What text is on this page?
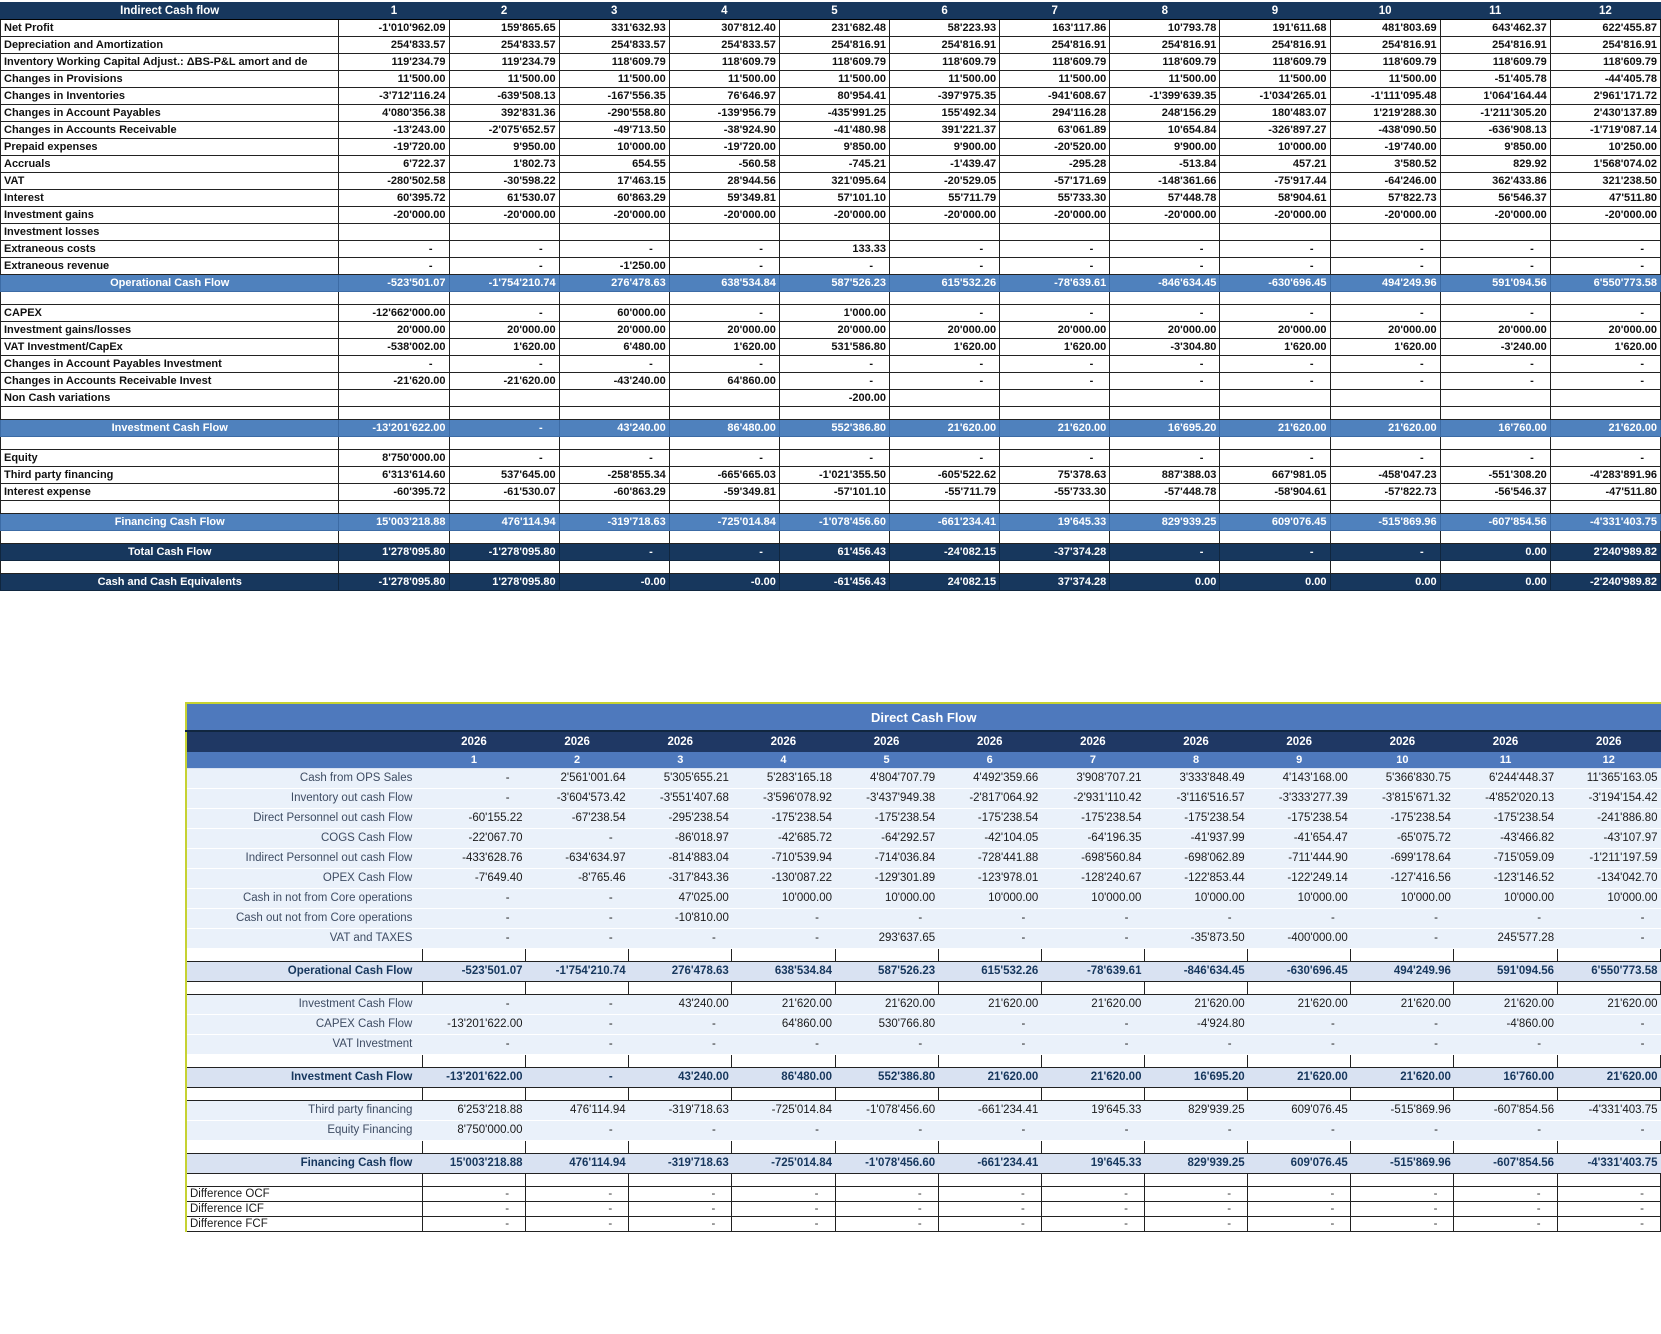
Indirect Cash flow	1	2	3	4	5	6	7	8	9	10	11	12
Net Profit	-1'010'962.09	159'865.65	331'632.93	307'812.40	231'682.48	58'223.93	163'117.86	10'793.78	191'611.68	481'803.69	643'462.37	622'455.87
Depreciation and Amortization	254'833.57	254'833.57	254'833.57	254'833.57	254'816.91	254'816.91	254'816.91	254'816.91	254'816.91	254'816.91	254'816.91	254'816.91
Inventory Working Capital Adjust.: ΔBS-P&L amort and de	119'234.79	119'234.79	118'609.79	118'609.79	118'609.79	118'609.79	118'609.79	118'609.79	118'609.79	118'609.79	118'609.79	118'609.79
Changes in Provisions	11'500.00	11'500.00	11'500.00	11'500.00	11'500.00	11'500.00	11'500.00	11'500.00	11'500.00	11'500.00	-51'405.78	-44'405.78
Changes in Inventories	-3'712'116.24	-639'508.13	-167'556.35	76'646.97	80'954.41	-397'975.35	-941'608.67	-1'399'639.35	-1'034'265.01	-1'111'095.48	1'064'164.44	2'961'171.72
Changes in Account Payables	4'080'356.38	392'831.36	-290'558.80	-139'956.79	-435'991.25	155'492.34	294'116.28	248'156.29	180'483.07	1'219'288.30	-1'211'305.20	2'430'137.89
Changes in Accounts Receivable	-13'243.00	-2'075'652.57	-49'713.50	-38'924.90	-41'480.98	391'221.37	63'061.89	10'654.84	-326'897.27	-438'090.50	-636'908.13	-1'719'087.14
Prepaid expenses	-19'720.00	9'950.00	10'000.00	-19'720.00	9'850.00	9'900.00	-20'520.00	9'900.00	10'000.00	-19'740.00	9'850.00	10'250.00
Accruals	6'722.37	1'802.73	654.55	-560.58	-745.21	-1'439.47	-295.28	-513.84	457.21	3'580.52	829.92	1'568'074.02
VAT	-280'502.58	-30'598.22	17'463.15	28'944.56	321'095.64	-20'529.05	-57'171.69	-148'361.66	-75'917.44	-64'246.00	362'433.86	321'238.50
Interest	60'395.72	61'530.07	60'863.29	59'349.81	57'101.10	55'711.79	55'733.30	57'448.78	58'904.61	57'822.73	56'546.37	47'511.80
Investment gains	-20'000.00	-20'000.00	-20'000.00	-20'000.00	-20'000.00	-20'000.00	-20'000.00	-20'000.00	-20'000.00	-20'000.00	-20'000.00	-20'000.00
Investment losses												
Extraneous costs	-	-	-	-	133.33	-	-	-	-	-	-	-
Extraneous revenue	-	-	-1'250.00	-	-	-	-	-	-	-	-	-
Operational Cash Flow	-523'501.07	-1'754'210.74	276'478.63	638'534.84	587'526.23	615'532.26	-78'639.61	-846'634.45	-630'696.45	494'249.96	591'094.56	6'550'773.58

CAPEX	-12'662'000.00	-	60'000.00	-	1'000.00	-	-	-	-	-	-	-
Investment gains/losses	20'000.00	20'000.00	20'000.00	20'000.00	20'000.00	20'000.00	20'000.00	20'000.00	20'000.00	20'000.00	20'000.00	20'000.00
VAT Investment/CapEx	-538'002.00	1'620.00	6'480.00	1'620.00	531'586.80	1'620.00	1'620.00	-3'304.80	1'620.00	1'620.00	-3'240.00	1'620.00
Changes in Account Payables Investment	-	-	-	-	-	-	-	-	-	-	-	-
Changes in Accounts Receivable Invest	-21'620.00	-21'620.00	-43'240.00	64'860.00	-	-	-	-	-	-	-	-
Non Cash variations					-200.00							

Investment Cash Flow	-13'201'622.00	-	43'240.00	86'480.00	552'386.80	21'620.00	21'620.00	16'695.20	21'620.00	21'620.00	16'760.00	21'620.00

Equity	8'750'000.00	-	-	-	-	-	-	-	-	-	-	-
Third party financing	6'313'614.60	537'645.00	-258'855.34	-665'665.03	-1'021'355.50	-605'522.62	75'378.63	887'388.03	667'981.05	-458'047.23	-551'308.20	-4'283'891.96
Interest expense	-60'395.72	-61'530.07	-60'863.29	-59'349.81	-57'101.10	-55'711.79	-55'733.30	-57'448.78	-58'904.61	-57'822.73	-56'546.37	-47'511.80

Financing Cash Flow	15'003'218.88	476'114.94	-319'718.63	-725'014.84	-1'078'456.60	-661'234.41	19'645.33	829'939.25	609'076.45	-515'869.96	-607'854.56	-4'331'403.75

Total Cash Flow	1'278'095.80	-1'278'095.80	-	-	61'456.43	-24'082.15	-37'374.28	-	-	-	0.00	2'240'989.82

Cash and Cash Equivalents	-1'278'095.80	1'278'095.80	-0.00	-0.00	-61'456.43	24'082.15	37'374.28	0.00	0.00	0.00	0.00	-2'240'989.82
Direct Cash Flow												
	2026	2026	2026	2026	2026	2026	2026	2026	2026	2026	2026	2026
	1	2	3	4	5	6	7	8	9	10	11	12
Cash from OPS Sales	-	2'561'001.64	5'305'655.21	5'283'165.18	4'804'707.79	4'492'359.66	3'908'707.21	3'333'848.49	4'143'168.00	5'366'830.75	6'244'448.37	11'365'163.05
Inventory out cash Flow	-	-3'604'573.42	-3'551'407.68	-3'596'078.92	-3'437'949.38	-2'817'064.92	-2'931'110.42	-3'116'516.57	-3'333'277.39	-3'815'671.32	-4'852'020.13	-3'194'154.42
Direct Personnel out cash Flow	-60'155.22	-67'238.54	-295'238.54	-175'238.54	-175'238.54	-175'238.54	-175'238.54	-175'238.54	-175'238.54	-175'238.54	-175'238.54	-241'886.80
COGS Cash Flow	-22'067.70	-	-86'018.97	-42'685.72	-64'292.57	-42'104.05	-64'196.35	-41'937.99	-41'654.47	-65'075.72	-43'466.82	-43'107.97
Indirect Personnel out cash Flow	-433'628.76	-634'634.97	-814'883.04	-710'539.94	-714'036.84	-728'441.88	-698'560.84	-698'062.89	-711'444.90	-699'178.64	-715'059.09	-1'211'197.59
OPEX Cash Flow	-7'649.40	-8'765.46	-317'843.36	-130'087.22	-129'301.89	-123'978.01	-128'240.67	-122'853.44	-122'249.14	-127'416.56	-123'146.52	-134'042.70
Cash in not from Core operations	-	-	47'025.00	10'000.00	10'000.00	10'000.00	10'000.00	10'000.00	10'000.00	10'000.00	10'000.00	10'000.00
Cash out not from Core operations	-	-	-10'810.00	-	-	-	-	-	-	-	-	-
VAT and TAXES	-	-	-	-	293'637.65	-	-	-35'873.50	-400'000.00	-	245'577.28	-

Operational Cash Flow	-523'501.07	-1'754'210.74	276'478.63	638'534.84	587'526.23	615'532.26	-78'639.61	-846'634.45	-630'696.45	494'249.96	591'094.56	6'550'773.58

Investment Cash Flow	-	-	43'240.00	21'620.00	21'620.00	21'620.00	21'620.00	21'620.00	21'620.00	21'620.00	21'620.00	21'620.00
CAPEX Cash Flow	-13'201'622.00	-	-	64'860.00	530'766.80	-	-	-4'924.80	-	-	-4'860.00	-
VAT Investment	-	-	-	-	-	-	-	-	-	-	-	-

Investment Cash Flow	-13'201'622.00	-	43'240.00	86'480.00	552'386.80	21'620.00	21'620.00	16'695.20	21'620.00	21'620.00	16'760.00	21'620.00

Third party financing	6'253'218.88	476'114.94	-319'718.63	-725'014.84	-1'078'456.60	-661'234.41	19'645.33	829'939.25	609'076.45	-515'869.96	-607'854.56	-4'331'403.75
Equity Financing	8'750'000.00	-	-	-	-	-	-	-	-	-	-	-

Financing Cash flow	15'003'218.88	476'114.94	-319'718.63	-725'014.84	-1'078'456.60	-661'234.41	19'645.33	829'939.25	609'076.45	-515'869.96	-607'854.56	-4'331'403.75

Difference OCF	-	-	-	-	-	-	-	-	-	-	-	-
Difference ICF	-	-	-	-	-	-	-	-	-	-	-	-
Difference FCF	-	-	-	-	-	-	-	-	-	-	-	-
